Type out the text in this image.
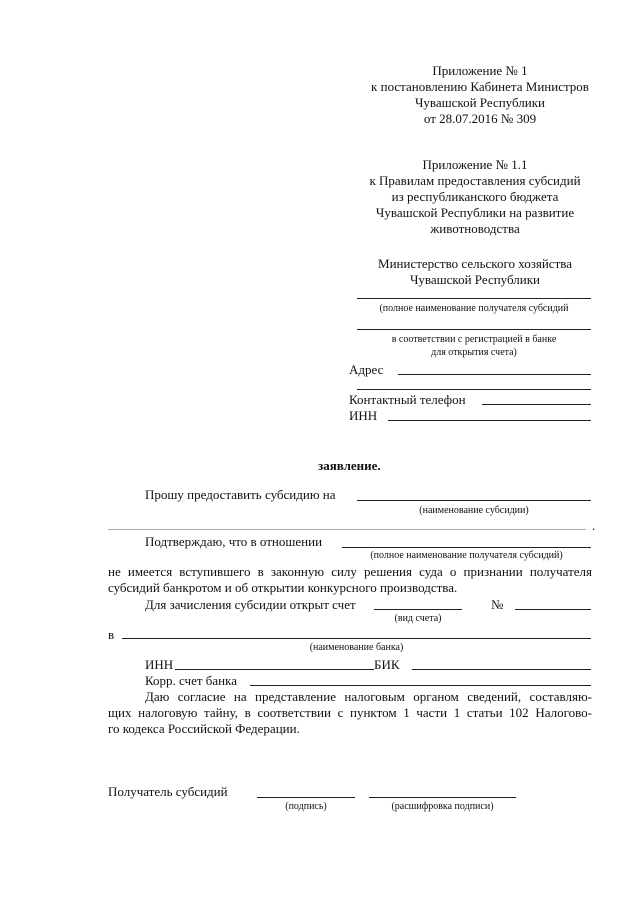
Приложение № 1
к постановлению Кабинета Министров
Чувашской Республики
от 28.07.2016 № 309
Приложение № 1.1
к Правилам предоставления субсидий
из республиканского бюджета
Чувашской Республики на развитие
животноводства
Министерство сельского хозяйства
Чувашской Республики
(полное наименование получателя субсидий
в соответствии с регистрацией в банке
для открытия счета)
Адрес
Контактный телефон
ИНН
заявление.
Прошу предоставить субсидию на
(наименование субсидии)
.
Подтверждаю, что в отношении
(полное наименование получателя субсидий)
не имеется вступившего в законную силу решения суда о признании получателя
субсидий банкротом и об открытии конкурсного производства.
Для зачисления субсидии открыт счет	№
(вид счета)
в
(наименование банка)
ИНН	БИК
Корр. счет банка
Даю согласие на представление налоговым органом сведений, составляю-
щих налоговую тайну, в соответствии с пунктом 1 части 1 статьи 102 Налогово-
го кодекса Российской Федерации.
Получатель субсидий
(подпись)	(расшифровка подписи)
